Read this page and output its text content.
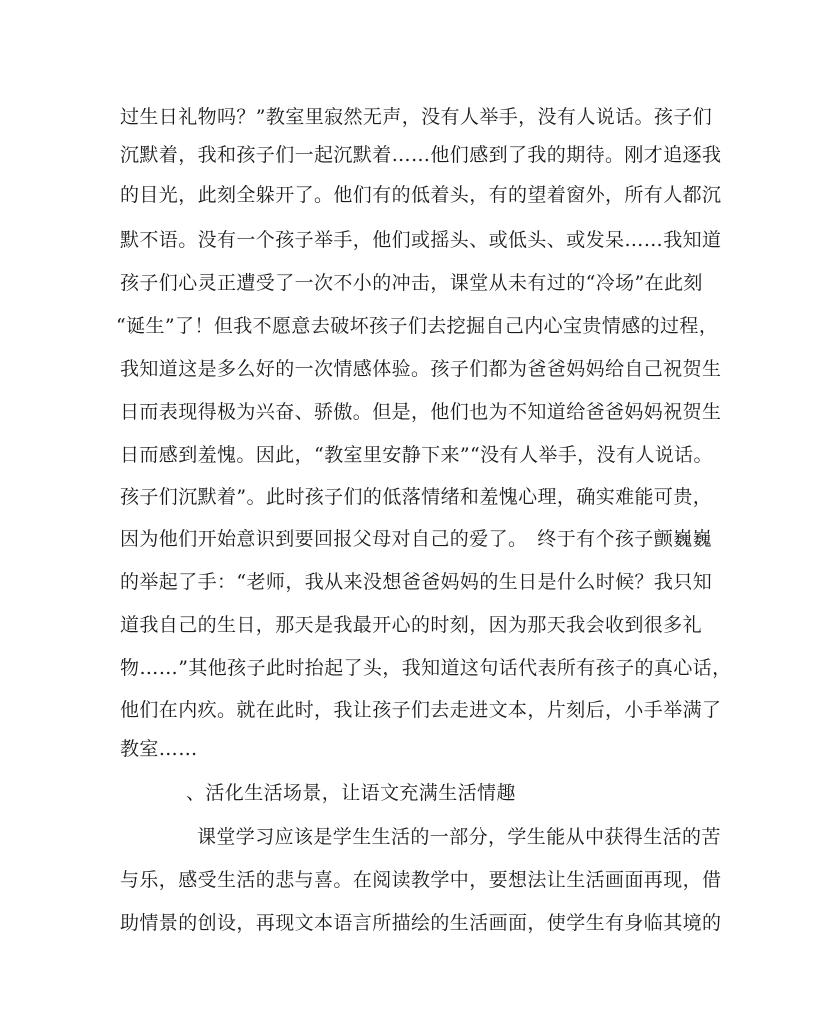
过生日礼物吗？”教室里寂然无声，没有人举手，没有人说话。孩子们
沉默着，我和孩子们一起沉默着……他们感到了我的期待。刚才追逐我
的目光，此刻全躲开了。他们有的低着头，有的望着窗外，所有人都沉
默不语。没有一个孩子举手，他们或摇头、或低头、或发呆……我知道
孩子们心灵正遭受了一次不小的冲击，课堂从未有过的“冷场”在此刻
“诞生”了！但我不愿意去破坏孩子们去挖掘自己内心宝贵情感的过程，
我知道这是多么好的一次情感体验。孩子们都为爸爸妈妈给自己祝贺生
日而表现得极为兴奋、骄傲。但是，他们也为不知道给爸爸妈妈祝贺生
日而感到羞愧。因此，“教室里安静下来”“没有人举手，没有人说话。
孩子们沉默着”。此时孩子们的低落情绪和羞愧心理，确实难能可贵，
因为他们开始意识到要回报父母对自己的爱了。　终于有个孩子颤巍巍
的举起了手：“老师，我从来没想爸爸妈妈的生日是什么时候？我只知
道我自己的生日，那天是我最开心的时刻，因为那天我会收到很多礼
物……”其他孩子此时抬起了头，我知道这句话代表所有孩子的真心话，
他们在内疚。就在此时，我让孩子们去走进文本，片刻后，小手举满了
教室……
、活化生活场景，让语文充满生活情趣
课堂学习应该是学生生活的一部分，学生能从中获得生活的苦
与乐，感受生活的悲与喜。在阅读教学中，要想法让生活画面再现，借
助情景的创设，再现文本语言所描绘的生活画面，使学生有身临其境的
